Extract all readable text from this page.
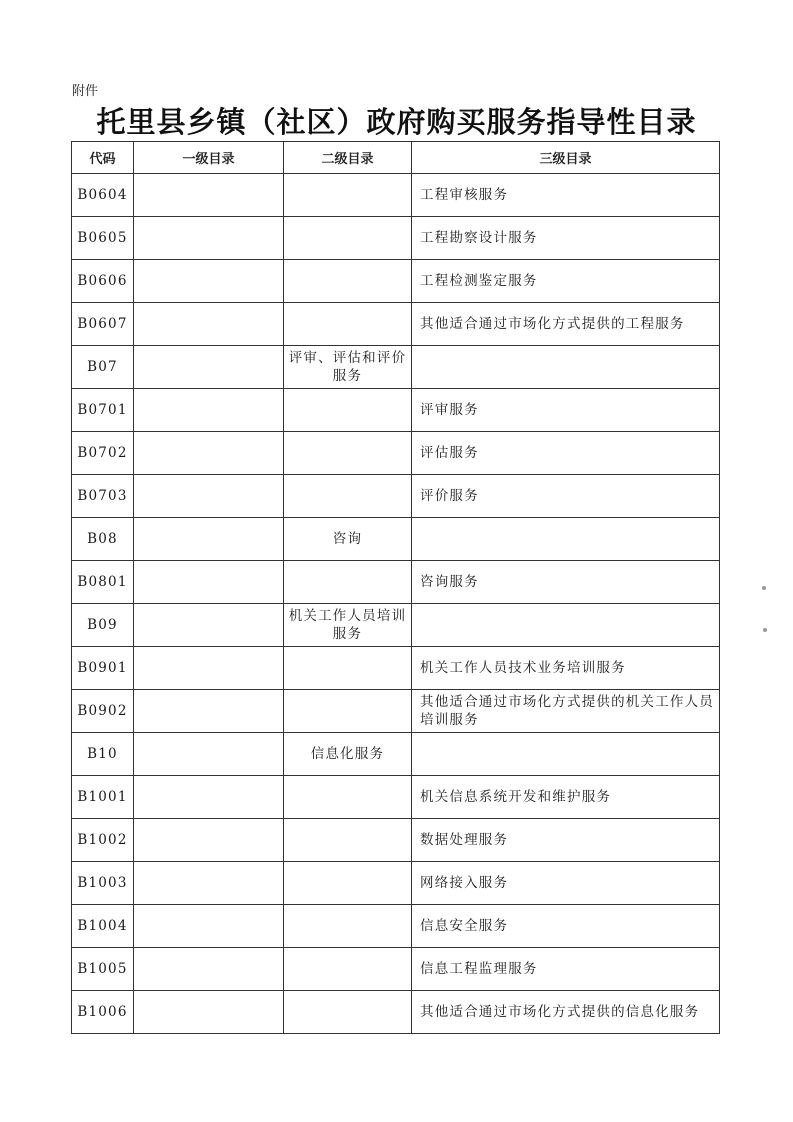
附件
托里县乡镇（社区）政府购买服务指导性目录
代码	一级目录	二级目录	三级目录
B0604			工程审核服务
B0605			工程勘察设计服务
B0606			工程检测鉴定服务
B0607			其他适合通过市场化方式提供的工程服务
B07		评审、评估和评价服务	
B0701			评审服务
B0702			评估服务
B0703			评价服务
B08		咨询	
B0801			咨询服务
B09		机关工作人员培训服务	
B0901			机关工作人员技术业务培训服务
B0902			其他适合通过市场化方式提供的机关工作人员培训服务
B10		信息化服务	
B1001			机关信息系统开发和维护服务
B1002			数据处理服务
B1003			网络接入服务
B1004			信息安全服务
B1005			信息工程监理服务
B1006			其他适合通过市场化方式提供的信息化服务
